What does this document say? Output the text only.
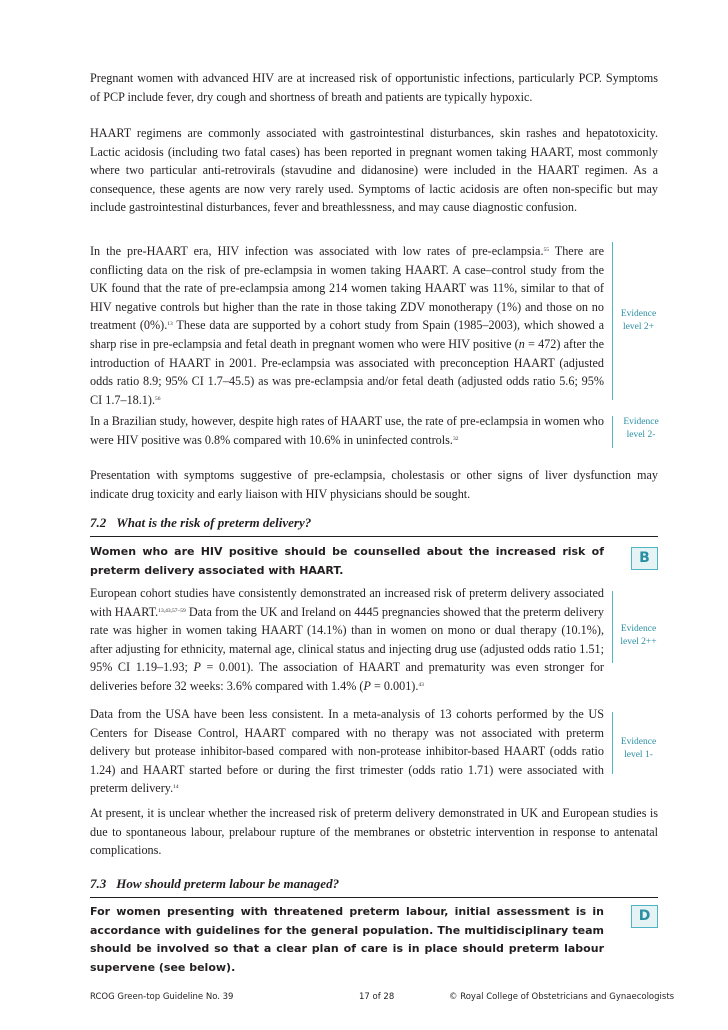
Pregnant women with advanced HIV are at increased risk of opportunistic infections, particularly PCP. Symptoms of PCP include fever, dry cough and shortness of breath and patients are typically hypoxic.

HAART regimens are commonly associated with gastrointestinal disturbances, skin rashes and hepatotoxicity. Lactic acidosis (including two fatal cases) has been reported in pregnant women taking HAART, most commonly where two particular anti-retrovirals (stavudine and didanosine) were included in the HAART regimen. As a consequence, these agents are now very rarely used. Symptoms of lactic acidosis are often non-specific but may include gastrointestinal disturbances, fever and breathlessness, and may cause diagnostic confusion.

In the pre-HAART era, HIV infection was associated with low rates of pre-eclampsia.$^{55}$ There are conflicting data on the risk of pre-eclampsia in women taking HAART. A case–control study from the UK found that the rate of pre-eclampsia among 214 women taking HAART was 11%, similar to that of HIV negative controls but higher than the rate in those taking ZDV monotherapy (1%) and those on no treatment (0%).$^{13}$ These data are supported by a cohort study from Spain (1985–2003), which showed a sharp rise in pre-eclampsia and fetal death in pregnant women who were HIV positive (n = 472) after the introduction of HAART in 2001. Pre-eclampsia was associated with preconception HAART (adjusted odds ratio 8.9; 95% CI 1.7–45.5) as was pre-eclampsia and/or fetal death (adjusted odds ratio 5.6; 95% CI 1.7–18.1).$^{56}$

Evidence
level 2+

In a Brazilian study, however, despite high rates of HAART use, the rate of pre-eclampsia in women who were HIV positive was 0.8% compared with 10.6% in uninfected controls.$^{32}$

Evidence
level 2-

Presentation with symptoms suggestive of pre-eclampsia, cholestasis or other signs of liver dysfunction may indicate drug toxicity and early liaison with HIV physicians should be sought.

7.2 What is the risk of preterm delivery?

Women who are HIV positive should be counselled about the increased risk of preterm delivery associated with HAART.

B

European cohort studies have consistently demonstrated an increased risk of preterm delivery associated with HAART.$^{13,43,57-59}$ Data from the UK and Ireland on 4445 pregnancies showed that the preterm delivery rate was higher in women taking HAART (14.1%) than in women on mono or dual therapy (10.1%), after adjusting for ethnicity, maternal age, clinical status and injecting drug use (adjusted odds ratio 1.51; 95% CI 1.19–1.93; P = 0.001). The association of HAART and prematurity was even stronger for deliveries before 32 weeks: 3.6% compared with 1.4% (P = 0.001).$^{43}$

Evidence
level 2++

Data from the USA have been less consistent. In a meta-analysis of 13 cohorts performed by the US Centers for Disease Control, HAART compared with no therapy was not associated with preterm delivery but protease inhibitor-based compared with non-protease inhibitor-based HAART (odds ratio 1.24) and HAART started before or during the first trimester (odds ratio 1.71) were associated with preterm delivery.$^{14}$

Evidence
level 1-

At present, it is unclear whether the increased risk of preterm delivery demonstrated in UK and European studies is due to spontaneous labour, prelabour rupture of the membranes or obstetric intervention in response to antenatal complications.

7.3 How should preterm labour be managed?

For women presenting with threatened preterm labour, initial assessment is in accordance with guidelines for the general population. The multidisciplinary team should be involved so that a clear plan of care is in place should preterm labour supervene (see below).

D
RCOG Green-top Guideline No. 39	17 of 28	© Royal College of Obstetricians and Gynaecologists
